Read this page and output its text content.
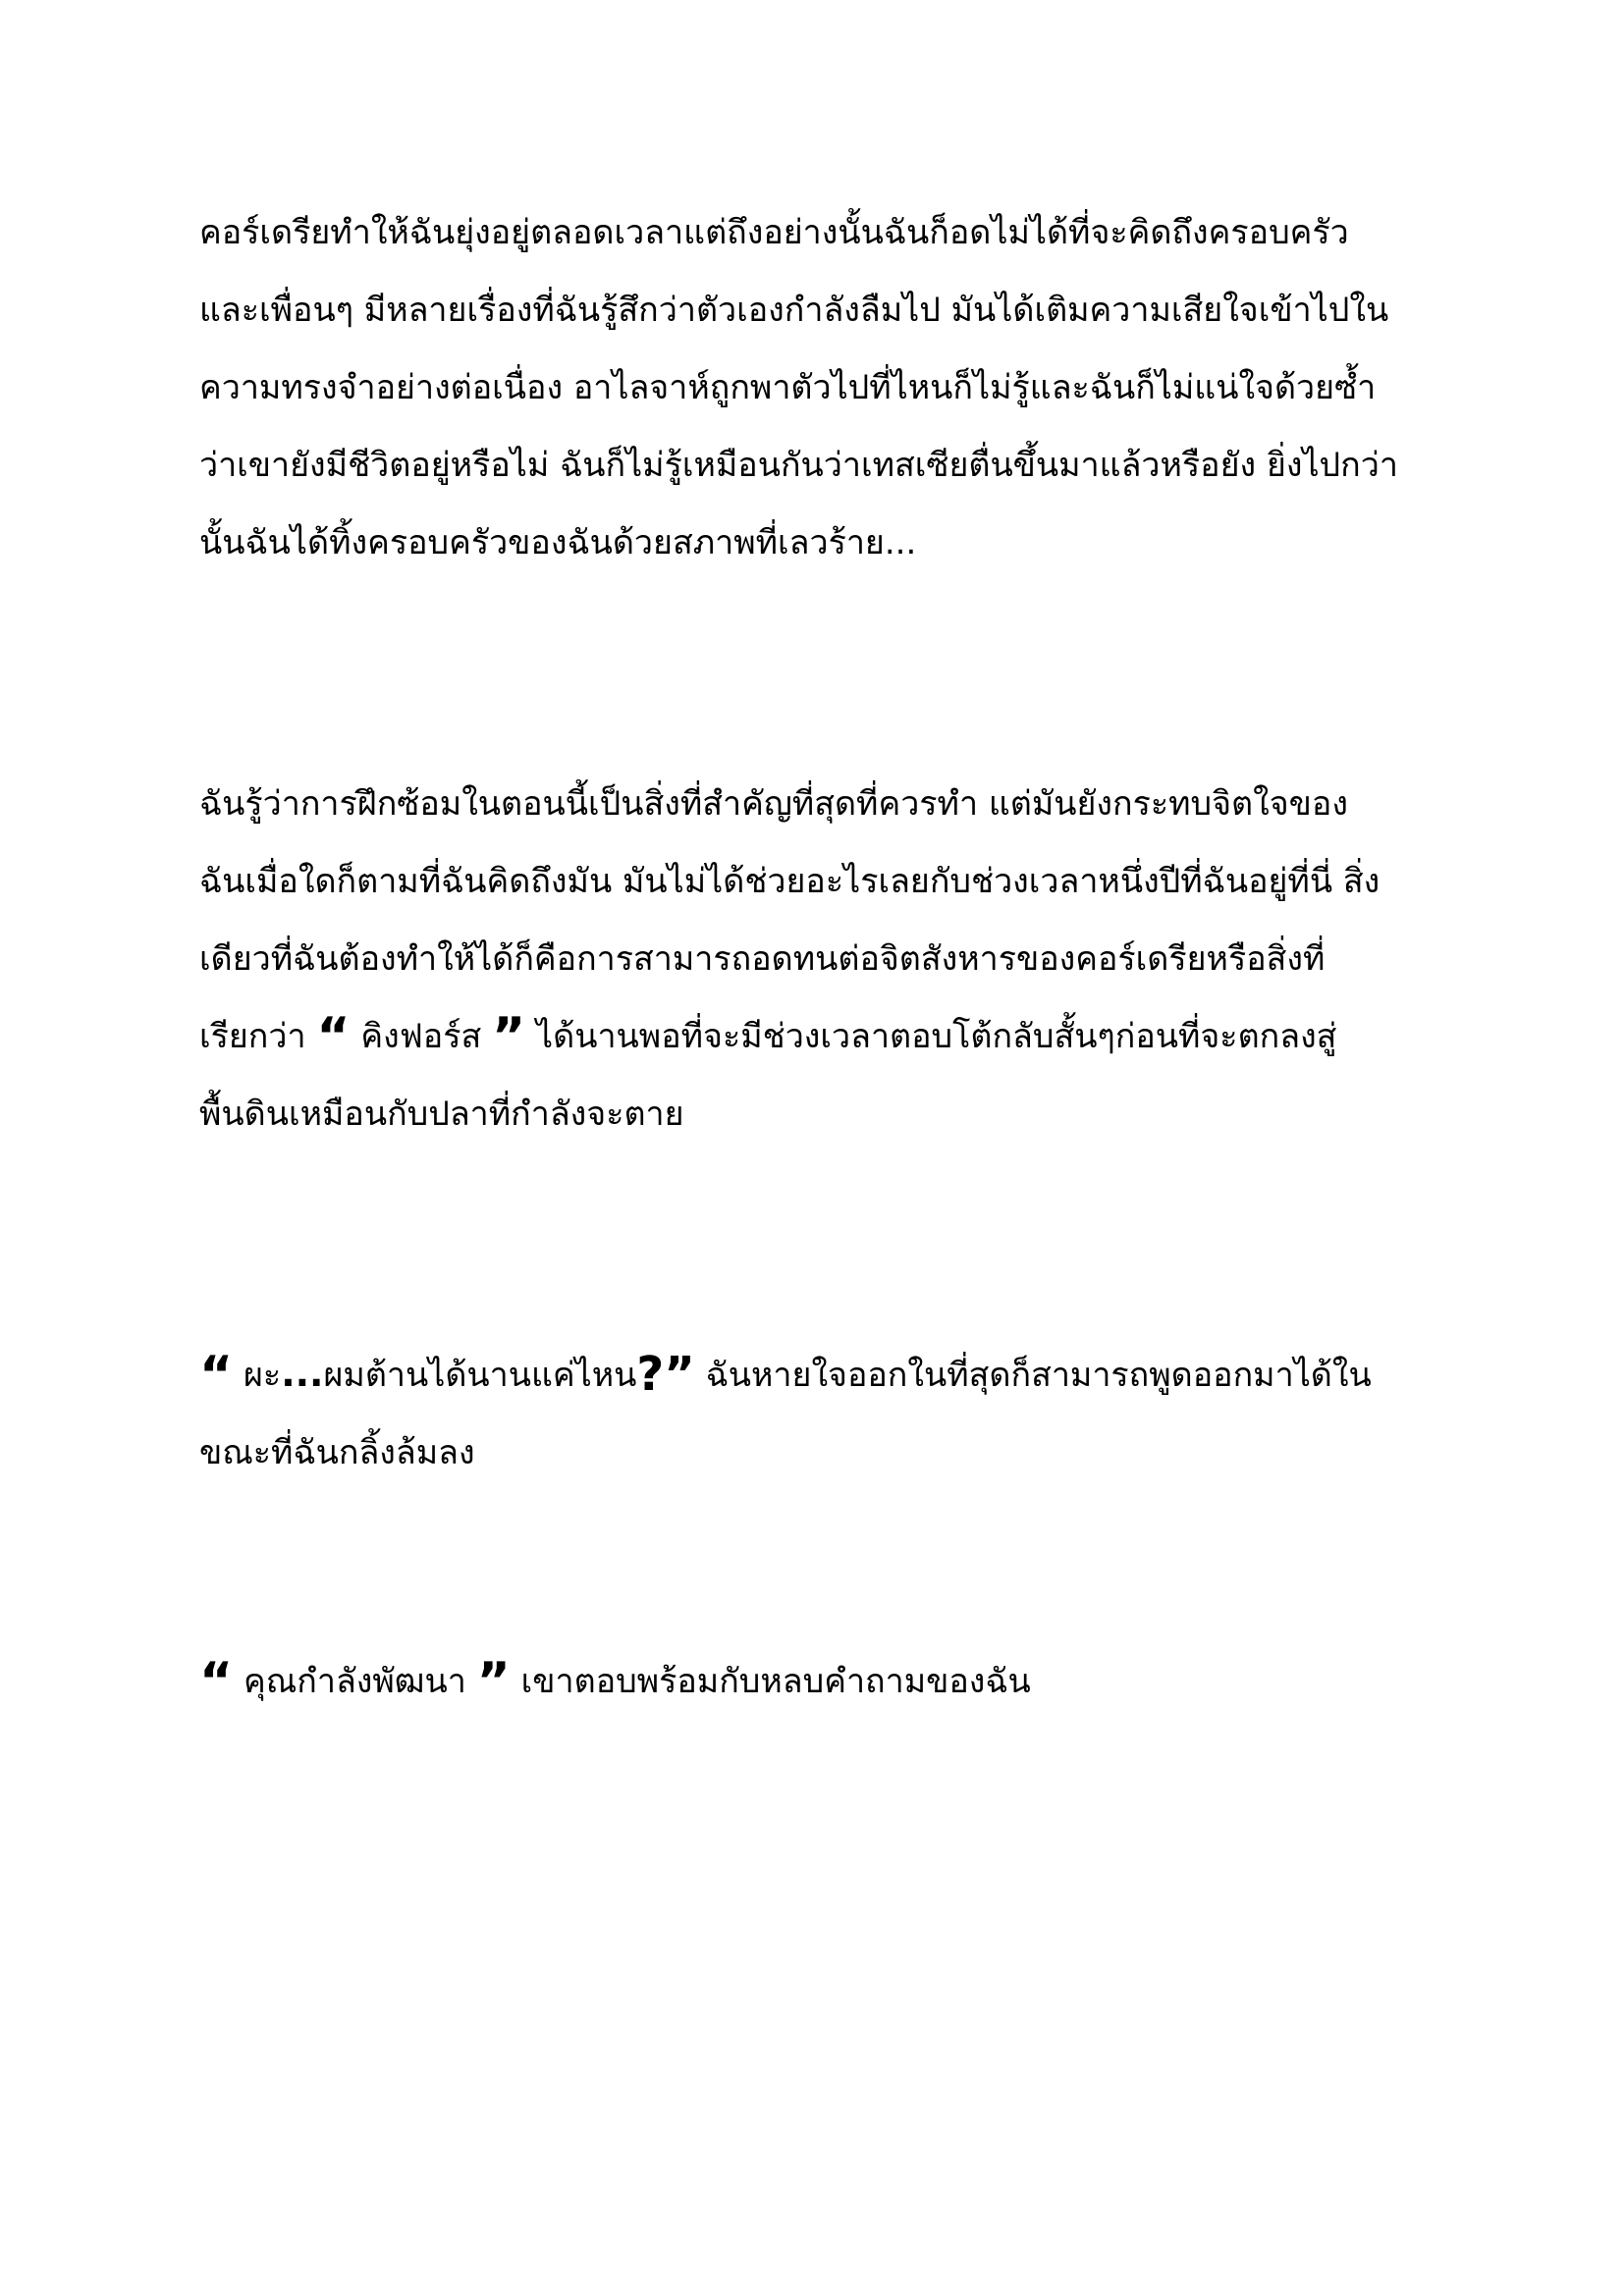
คอร์เดรียทำให้ฉันยุ่งอยู่ตลอดเวลาแต่ถึงอย่างนั้นฉันก็อดไม่ได้ที่จะคิดถึงครอบครัว
และเพื่อนๆ มีหลายเรื่องที่ฉันรู้สึกว่าตัวเองกำลังลืมไป มันได้เติมความเสียใจเข้าไปใน
ความทรงจำอย่างต่อเนื่อง อาไลจาห์ถูกพาตัวไปที่ไหนก็ไม่รู้และฉันก็ไม่แน่ใจด้วยซ้ำ
ว่าเขายังมีชีวิตอยู่หรือไม่ ฉันก็ไม่รู้เหมือนกันว่าเทสเซียตื่นขึ้นมาแล้วหรือยัง ยิ่งไปกว่า
นั้นฉันได้ทิ้งครอบครัวของฉันด้วยสภาพที่เลวร้าย...

ฉันรู้ว่าการฝึกซ้อมในตอนนี้เป็นสิ่งที่สำคัญที่สุดที่ควรทำ แต่มันยังกระทบจิตใจของ
ฉันเมื่อใดก็ตามที่ฉันคิดถึงมัน มันไม่ได้ช่วยอะไรเลยกับช่วงเวลาหนึ่งปีที่ฉันอยู่ที่นี่ สิ่ง
เดียวที่ฉันต้องทำให้ได้ก็คือการสามารถอดทนต่อจิตสังหารของคอร์เดรียหรือสิ่งที่
เรียกว่า “ คิงฟอร์ส ” ได้นานพอที่จะมีช่วงเวลาตอบโต้กลับสั้นๆก่อนที่จะตกลงสู่
พื้นดินเหมือนกับปลาที่กำลังจะตาย

“ ผะ...ผมต้านได้นานแค่ไหน?” ฉันหายใจออกในที่สุดก็สามารถพูดออกมาได้ใน
ขณะที่ฉันกลิ้งล้มลง

“ คุณกำลังพัฒนา ” เขาตอบพร้อมกับหลบคำถามของฉัน
